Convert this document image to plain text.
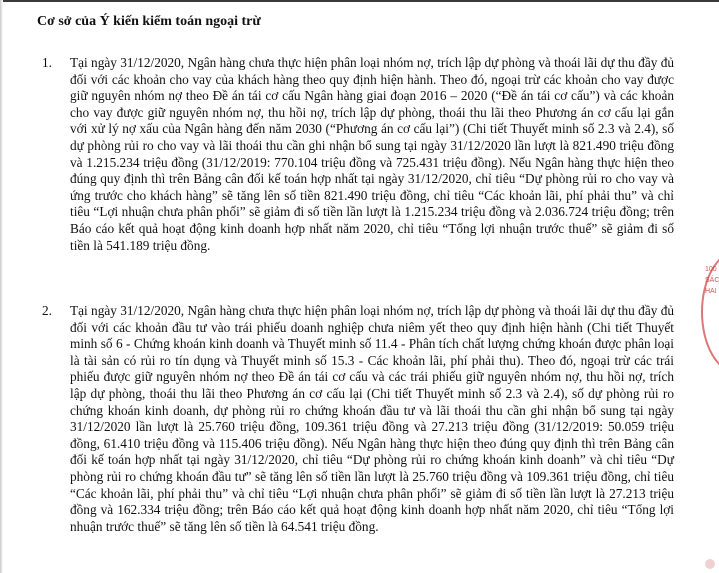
Cơ sở của Ý kiến kiểm toán ngoại trừ
1. Tại ngày 31/12/2020, Ngân hàng chưa thực hiện phân loại nhóm nợ, trích lập dự phòng và thoái lãi dự thu đầy đủ đối với các khoản cho vay của khách hàng theo quy định hiện hành. Theo đó, ngoại trừ các khoản cho vay được giữ nguyên nhóm nợ theo Đề án tái cơ cấu Ngân hàng giai đoạn 2016 – 2020 (“Đề án tái cơ cấu”) và các khoản cho vay được giữ nguyên nhóm nợ, thu hồi nợ, trích lập dự phòng, thoái thu lãi theo Phương án cơ cấu lại gắn với xử lý nợ xấu của Ngân hàng đến năm 2030 (“Phương án cơ cấu lại”) (Chi tiết Thuyết minh số 2.3 và 2.4), số dự phòng rủi ro cho vay và lãi thoái thu cần ghi nhận bổ sung tại ngày 31/12/2020 lần lượt là 821.490 triệu đồng và 1.215.234 triệu đồng (31/12/2019: 770.104 triệu đồng và 725.431 triệu đồng). Nếu Ngân hàng thực hiện theo đúng quy định thì trên Bảng cân đối kế toán hợp nhất tại ngày 31/12/2020, chỉ tiêu “Dự phòng rủi ro cho vay và ứng trước cho khách hàng” sẽ tăng lên số tiền 821.490 triệu đồng, chỉ tiêu “Các khoản lãi, phí phải thu” và chỉ tiêu “Lợi nhuận chưa phân phối” sẽ giảm đi số tiền lần lượt là 1.215.234 triệu đồng và 2.036.724 triệu đồng; trên Báo cáo kết quả hoạt động kinh doanh hợp nhất năm 2020, chỉ tiêu “Tổng lợi nhuận trước thuế” sẽ giảm đi số tiền là 541.189 triệu đồng.
2. Tại ngày 31/12/2020, Ngân hàng chưa thực hiện phân loại nhóm nợ, trích lập dự phòng và thoái lãi dự thu đầy đủ đối với các khoản đầu tư vào trái phiếu doanh nghiệp chưa niêm yết theo quy định hiện hành (Chi tiết Thuyết minh số 6 - Chứng khoán kinh doanh và Thuyết minh số 11.4 - Phân tích chất lượng chứng khoán được phân loại là tài sản có rủi ro tín dụng và Thuyết minh số 15.3 - Các khoản lãi, phí phải thu). Theo đó, ngoại trừ các trái phiếu được giữ nguyên nhóm nợ theo Đề án tái cơ cấu và các trái phiếu giữ nguyên nhóm nợ, thu hồi nợ, trích lập dự phòng, thoái thu lãi theo Phương án cơ cấu lại (Chi tiết Thuyết minh số 2.3 và 2.4), số dự phòng rủi ro chứng khoán kinh doanh, dự phòng rủi ro chứng khoán đầu tư và lãi thoái thu cần ghi nhận bổ sung tại ngày 31/12/2020 lần lượt là 25.760 triệu đồng, 109.361 triệu đồng và 27.213 triệu đồng (31/12/2019: 50.059 triệu đồng, 61.410 triệu đồng và 115.406 triệu đồng). Nếu Ngân hàng thực hiện theo đúng quy định thì trên Bảng cân đối kế toán hợp nhất tại ngày 31/12/2020, chỉ tiêu “Dự phòng rủi ro chứng khoán kinh doanh” và chỉ tiêu “Dự phòng rủi ro chứng khoán đầu tư” sẽ tăng lên số tiền lần lượt là 25.760 triệu đồng và 109.361 triệu đồng, chỉ tiêu “Các khoản lãi, phí phải thu” và chỉ tiêu “Lợi nhuận chưa phân phối” sẽ giảm đi số tiền lần lượt là 27.213 triệu đồng và 162.334 triệu đồng; trên Báo cáo kết quả hoạt động kinh doanh hợp nhất năm 2020, chỉ tiêu “Tổng lợi nhuận trước thuế” sẽ tăng lên số tiền là 64.541 triệu đồng.
100 SÁC HAI
